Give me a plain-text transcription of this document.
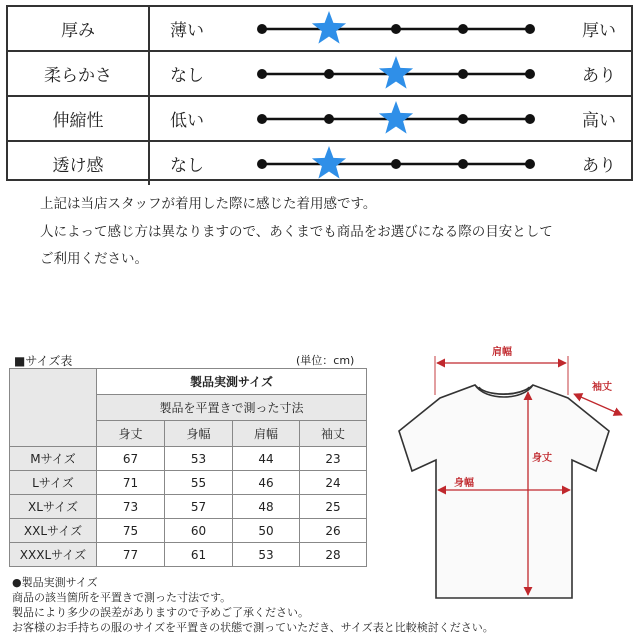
厚み	薄い	厚い
柔らかさ	なし	あり
伸縮性	低い	高い
透け感	なし	あり
上記は当店スタッフが着用した際に感じた着用感です。
人によって感じ方は異なりますので、あくまでも商品をお選びになる際の目安として
ご利用ください。
■サイズ表	(単位：cm)
	製品実測サイズ			
	製品を平置きで測った寸法			
	身丈	身幅	肩幅	袖丈
Mサイズ	67	53	44	23
Lサイズ	71	55	46	24
XLサイズ	73	57	48	25
XXLサイズ	75	60	50	26
XXXLサイズ	77	61	53	28
●製品実測サイズ
商品の該当箇所を平置きで測った寸法です。
製品により多少の誤差がありますので予めご了承ください。
お客様のお手持ちの服のサイズを平置きの状態で測っていただき、サイズ表と比較検討ください。
肩幅
袖丈
身丈
身幅
